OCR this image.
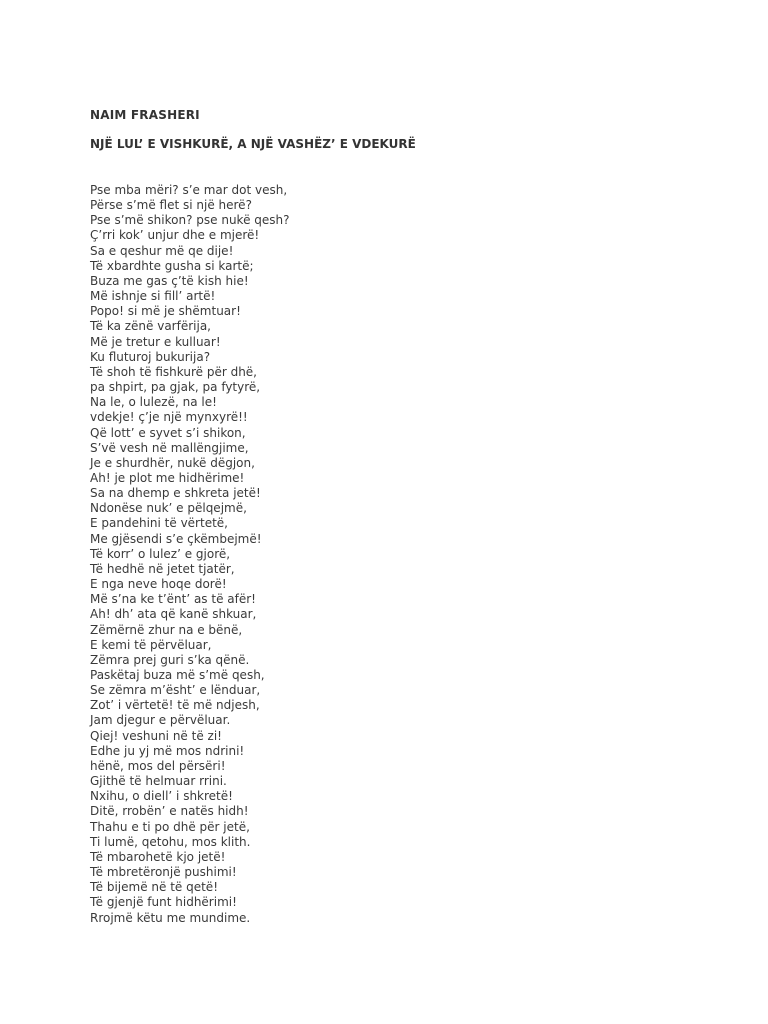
NAIM FRASHERI
NJË LUL’ E VISHKURË, A NJË VASHËZ’ E VDEKURË
Pse mba mëri? s’e mar dot vesh,
Përse s’më flet si një herë?
Pse s’më shikon? pse nukë qesh?
Ç’rri kok’ unjur dhe e mjerë!
Sa e qeshur më qe dije!
Të xbardhte gusha si kartë;
Buza me gas ç’të kish hie!
Më ishnje si fill’ artë!
Popo! si më je shëmtuar!
Të ka zënë varfërija,
Më je tretur e kulluar!
Ku fluturoj bukurija?
Të shoh të fishkurë për dhë,
pa shpirt, pa gjak, pa fytyrë,
Na le, o lulezë, na le!
vdekje! ç’je një mynxyrë!!
Që lott’ e syvet s’i shikon,
S’vë vesh në mallëngjime,
Je e shurdhër, nukë dëgjon,
Ah! je plot me hidhërime!
Sa na dhemp e shkreta jetë!
Ndonëse nuk’ e pëlqejmë,
E pandehini të vërtetë,
Me gjësendi s’e çkëmbejmë!
Të korr’ o lulez’ e gjorë,
Të hedhë në jetet tjatër,
E nga neve hoqe dorë!
Më s’na ke t’ënt’ as të afër!
Ah! dh’ ata që kanë shkuar,
Zëmërnë zhur na e bënë,
E kemi të përvëluar,
Zëmra prej guri s’ka qënë.
Paskëtaj buza më s’më qesh,
Se zëmra m’ësht’ e lënduar,
Zot’ i vërtetë! të më ndjesh,
Jam djegur e përvëluar.
Qiej! veshuni në të zi!
Edhe ju yj më mos ndrini!
hënë, mos del përsëri!
Gjithë të helmuar rrini.
Nxihu, o diell’ i shkretë!
Ditë, rrobën’ e natës hidh!
Thahu e ti po dhë për jetë,
Ti lumë, qetohu, mos klith.
Të mbarohetë kjo jetë!
Të mbretëronjë pushimi!
Të bijemë në të qetë!
Të gjenjë funt hidhërimi!
Rrojmë këtu me mundime.
